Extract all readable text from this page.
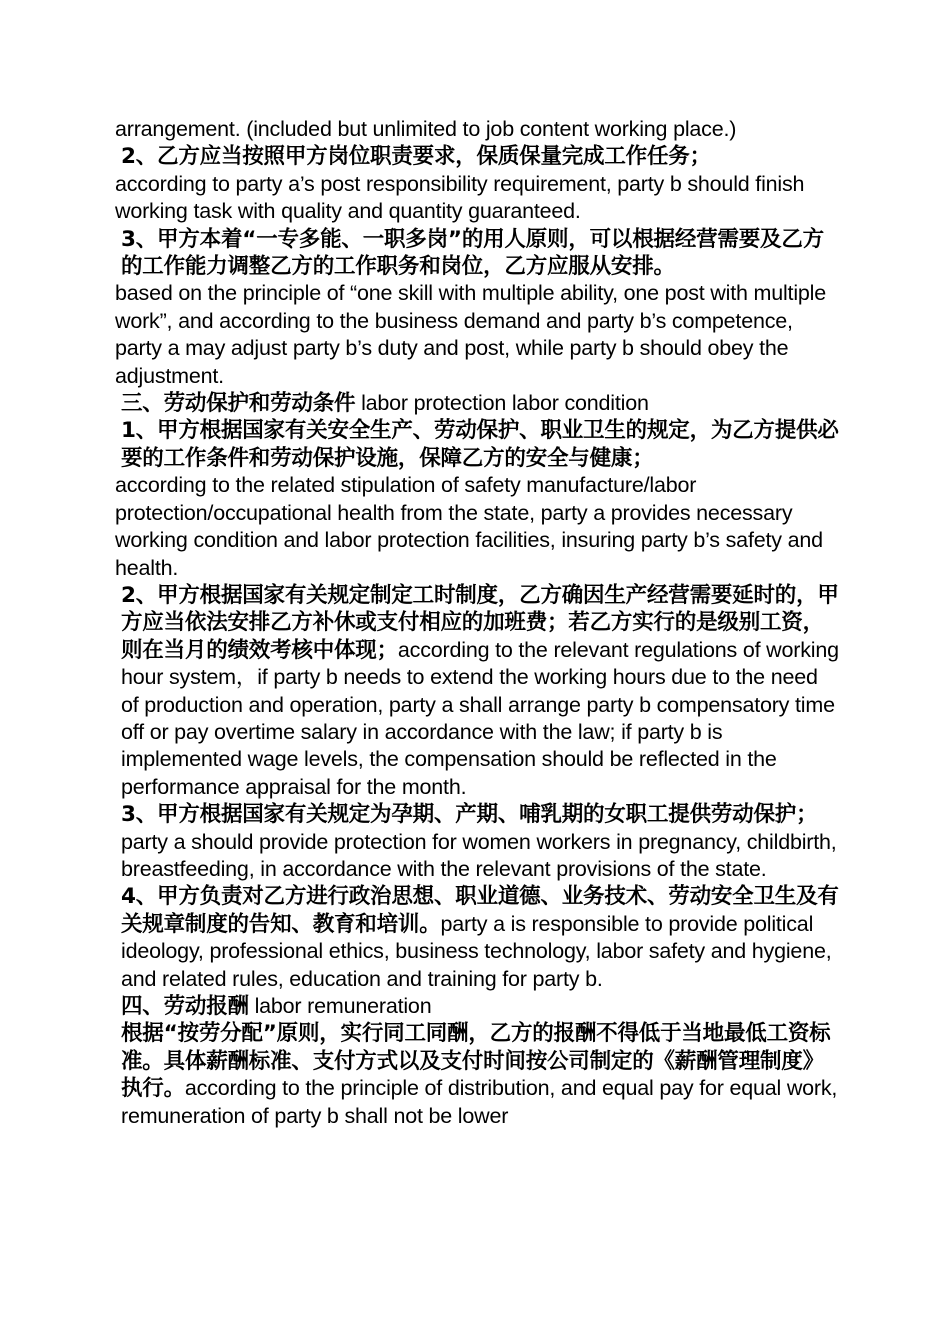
arrangement. (included but unlimited to job content working place.)

2、乙方应当按照甲方岗位职责要求，保质保量完成工作任务；

according to party a’s post responsibility requirement, party b should finish working task with quality and quantity guaranteed.

3、甲方本着“一专多能、一职多岗”的用人原则，可以根据经营需要及乙方的工作能力调整乙方的工作职务和岗位，乙方应服从安排。

based on the principle of “one skill with multiple ability, one post with multiple work”, and according to the business demand and party b’s competence, party a may adjust party b’s duty and post, while party b should obey the adjustment.

三、劳动保护和劳动条件 labor protection labor condition

1、甲方根据国家有关安全生产、劳动保护、职业卫生的规定，为乙方提供必要的工作条件和劳动保护设施，保障乙方的安全与健康；

according to the related stipulation of safety manufacture/labor protection/occupational health from the state, party a provides necessary working condition and labor protection facilities, insuring party b’s safety and health.

2、甲方根据国家有关规定制定工时制度，乙方确因生产经营需要延时的，甲方应当依法安排乙方补休或支付相应的加班费；若乙方实行的是级别工资，则在当月的绩效考核中体现；according to the relevant regulations of working hour system，if party b needs to extend the working hours due to the need of production and operation, party a shall arrange party b compensatory time off or pay overtime salary in accordance with the law; if party b is implemented wage levels, the compensation should be reflected in the performance appraisal for the month.

3、甲方根据国家有关规定为孕期、产期、哺乳期的女职工提供劳动保护；party a should provide protection for women workers in pregnancy, childbirth, breastfeeding, in accordance with the relevant provisions of the state.

4、甲方负责对乙方进行政治思想、职业道德、业务技术、劳动安全卫生及有关规章制度的告知、教育和培训。party a is responsible to provide political ideology, professional ethics, business technology, labor safety and hygiene, and related rules, education and training for party b.

四、劳动报酬 labor remuneration

根据“按劳分配”原则，实行同工同酬，乙方的报酬不得低于当地最低工资标准。具体薪酬标准、支付方式以及支付时间按公司制定的《薪酬管理制度》执行。according to the principle of distribution, and equal pay for equal work, remuneration of party b shall not be lower
